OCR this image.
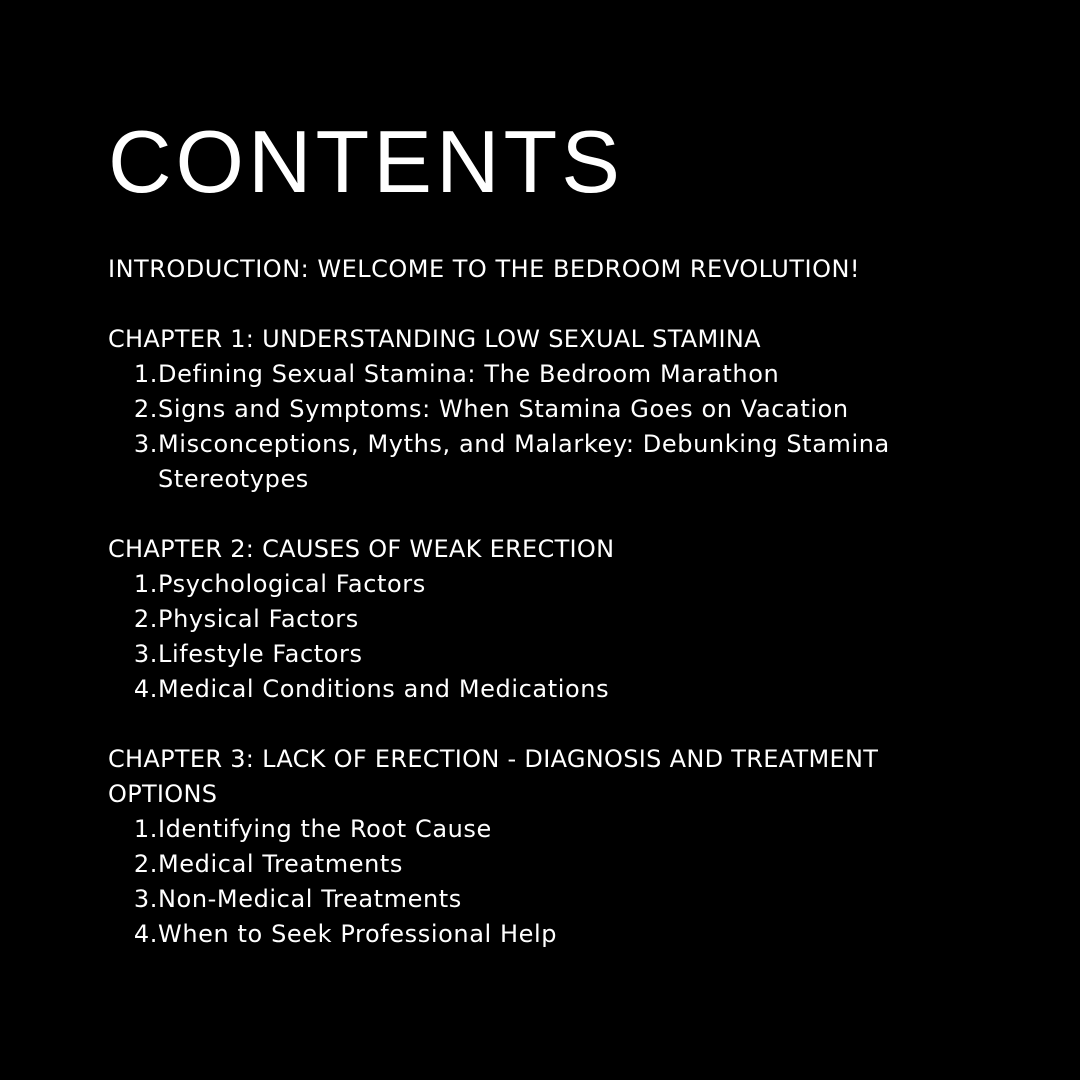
CONTENTS
INTRODUCTION: WELCOME TO THE BEDROOM REVOLUTION!
CHAPTER 1: UNDERSTANDING LOW SEXUAL STAMINA
1. Defining Sexual Stamina: The Bedroom Marathon
2. Signs and Symptoms: When Stamina Goes on Vacation
3. Misconceptions, Myths, and Malarkey: Debunking Stamina Stereotypes
CHAPTER 2: CAUSES OF WEAK ERECTION
1. Psychological Factors
2. Physical Factors
3. Lifestyle Factors
4. Medical Conditions and Medications
CHAPTER 3: LACK OF ERECTION - DIAGNOSIS AND TREATMENT OPTIONS
1. Identifying the Root Cause
2. Medical Treatments
3. Non-Medical Treatments
4. When to Seek Professional Help
